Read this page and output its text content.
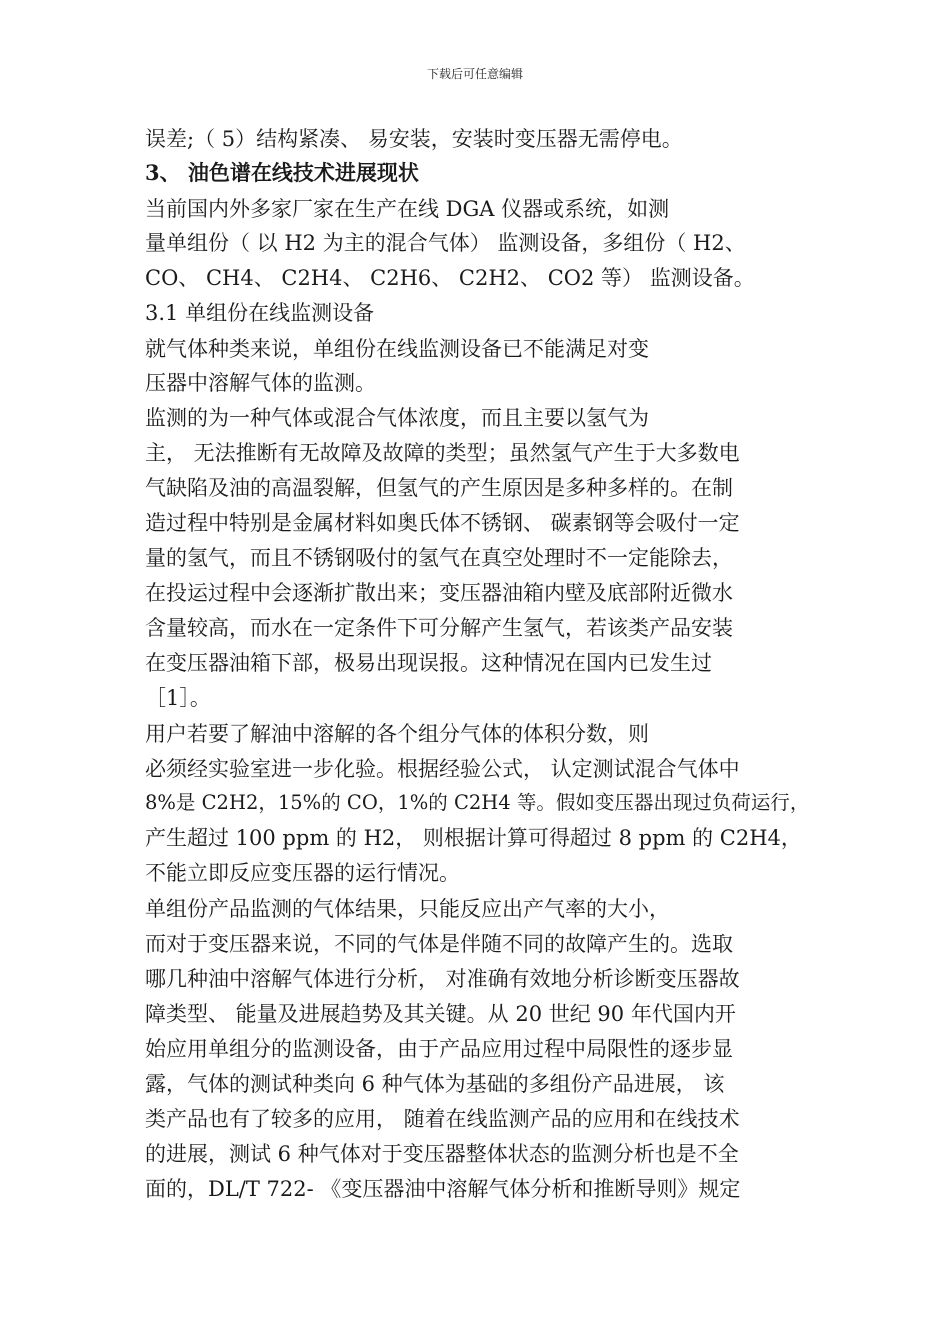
下载后可任意编辑
误差;（ 5）结构紧凑、 易安装，安装时变压器无需停电。
3、 油色谱在线技术进展现状
当前国内外多家厂家在生产在线 DGA 仪器或系统，如测
量单组份（ 以 H2 为主的混合气体） 监测设备，多组份（ H2、
CO、 CH4、 C2H4、 C2H6、 C2H2、 CO2 等） 监测设备。
3.1 单组份在线监测设备
就气体种类来说，单组份在线监测设备已不能满足对变
压器中溶解气体的监测。
监测的为一种气体或混合气体浓度，而且主要以氢气为
主， 无法推断有无故障及故障的类型；虽然氢气产生于大多数电
气缺陷及油的高温裂解，但氢气的产生原因是多种多样的。在制
造过程中特别是金属材料如奥氏体不锈钢、 碳素钢等会吸付一定
量的氢气，而且不锈钢吸付的氢气在真空处理时不一定能除去，
在投运过程中会逐渐扩散出来；变压器油箱内壁及底部附近微水
含量较高，而水在一定条件下可分解产生氢气，若该类产品安装
在变压器油箱下部，极易出现误报。这种情况在国内已发生过
［1］。
用户若要了解油中溶解的各个组分气体的体积分数，则
必须经实验室进一步化验。根据经验公式， 认定测试混合气体中
8%是 C2H2，15%的 CO，1%的 C2H4 等。假如变压器出现过负荷运行，
产生超过 100 ppm 的 H2， 则根据计算可得超过 8 ppm 的 C2H4，
不能立即反应变压器的运行情况。
单组份产品监测的气体结果，只能反应出产气率的大小，
而对于变压器来说，不同的气体是伴随不同的故障产生的。选取
哪几种油中溶解气体进行分析， 对准确有效地分析诊断变压器故
障类型、 能量及进展趋势及其关键。从 20 世纪 90 年代国内开
始应用单组分的监测设备，由于产品应用过程中局限性的逐步显
露，气体的测试种类向 6 种气体为基础的多组份产品进展， 该
类产品也有了较多的应用， 随着在线监测产品的应用和在线技术
的进展，测试 6 种气体对于变压器整体状态的监测分析也是不全
面的，DL/T 722- 《变压器油中溶解气体分析和推断导则》规定
